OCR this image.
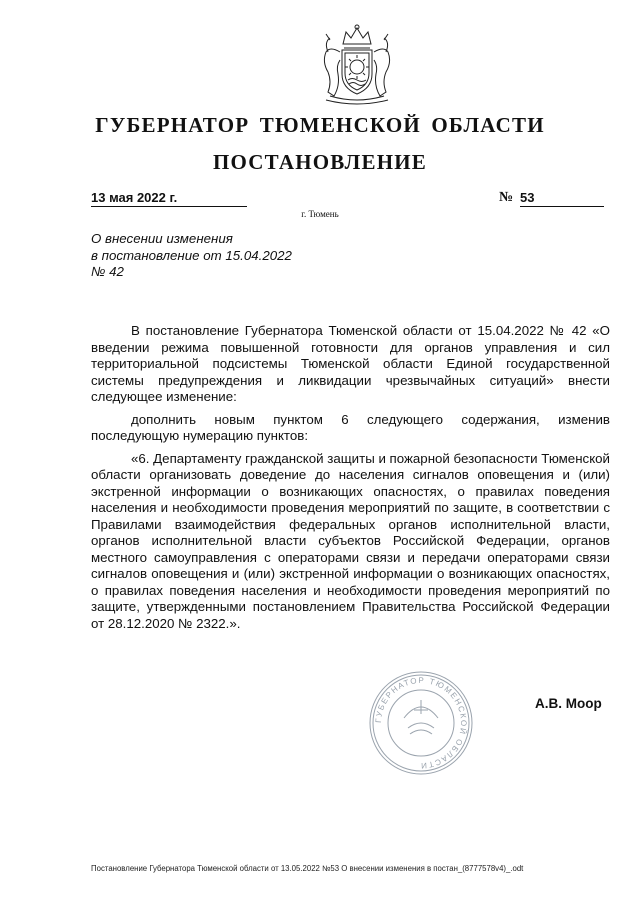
ГУБЕРНАТОР ТЮМЕНСКОЙ ОБЛАСТИ
ПОСТАНОВЛЕНИЕ
13 мая 2022 г.	№ 53
г. Тюмень
О внесении изменения
в постановление от 15.04.2022
№ 42

В постановление Губернатора Тюменской области от 15.04.2022 № 42 «О введении режима повышенной готовности для органов управления и сил территориальной подсистемы Тюменской области Единой государственной системы предупреждения и ликвидации чрезвычайных ситуаций» внести следующее изменение:

дополнить новым пунктом 6 следующего содержания, изменив последующую нумерацию пунктов:

«6. Департаменту гражданской защиты и пожарной безопасности Тюменской области организовать доведение до населения сигналов оповещения и (или) экстренной информации о возникающих опасностях, о правилах поведения населения и необходимости проведения мероприятий по защите, в соответствии с Правилами взаимодействия федеральных органов исполнительной власти, органов исполнительной власти субъектов Российской Федерации, органов местного самоуправления с операторами связи и передачи операторами связи сигналов оповещения и (или) экстренной информации о возникающих опасностях, о правилах поведения населения и необходимости проведения мероприятий по защите, утвержденными постановлением Правительства Российской Федерации от 28.12.2020 № 2322.».

ГУБЕРНАТОР ТЮМЕНСКОЙ ОБЛАСТИ
А.В. Моор
Постановление Губернатора Тюменской области от 13.05.2022 №53 О внесении изменения в постан_(8777578v4)_.odt
